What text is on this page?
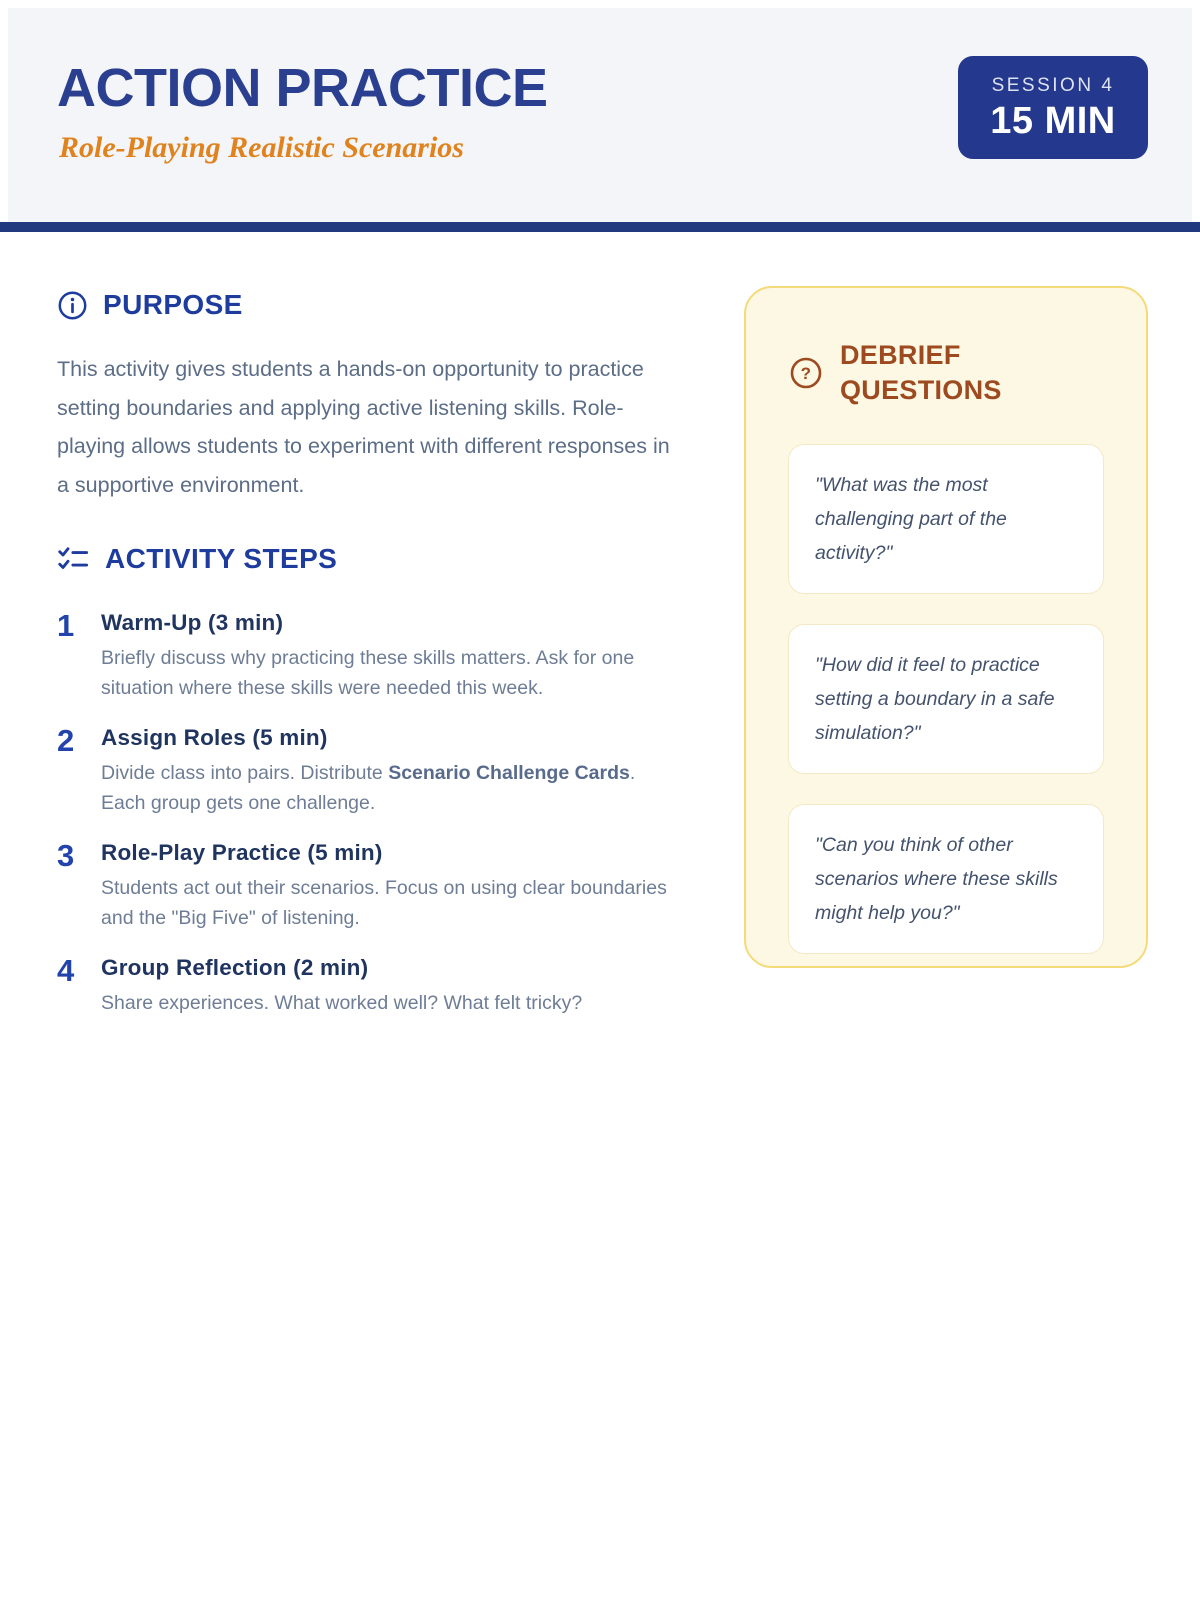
ACTION PRACTICE
Role-Playing Realistic Scenarios
SESSION 4
15 MIN
PURPOSE

This activity gives students a hands-on opportunity to practice setting boundaries and applying active listening skills. Role-playing allows students to experiment with different responses in a supportive environment.

ACTIVITY STEPS
1	Warm-Up (3 min)

Briefly discuss why practicing these skills matters. Ask for one situation where these skills were needed this week.

2	Assign Roles (5 min)

Divide class into pairs. Distribute Scenario Challenge Cards. Each group gets one challenge.

3	Role-Play Practice (5 min)

Students act out their scenarios. Focus on using clear boundaries and the "Big Five" of listening.

4	Group Reflection (2 min)

Share experiences. What worked well? What felt tricky?

?
DEBRIEF QUESTIONS

"What was the most challenging part of the activity?"

"How did it feel to practice setting a boundary in a safe simulation?"

"Can you think of other scenarios where these skills might help you?"
